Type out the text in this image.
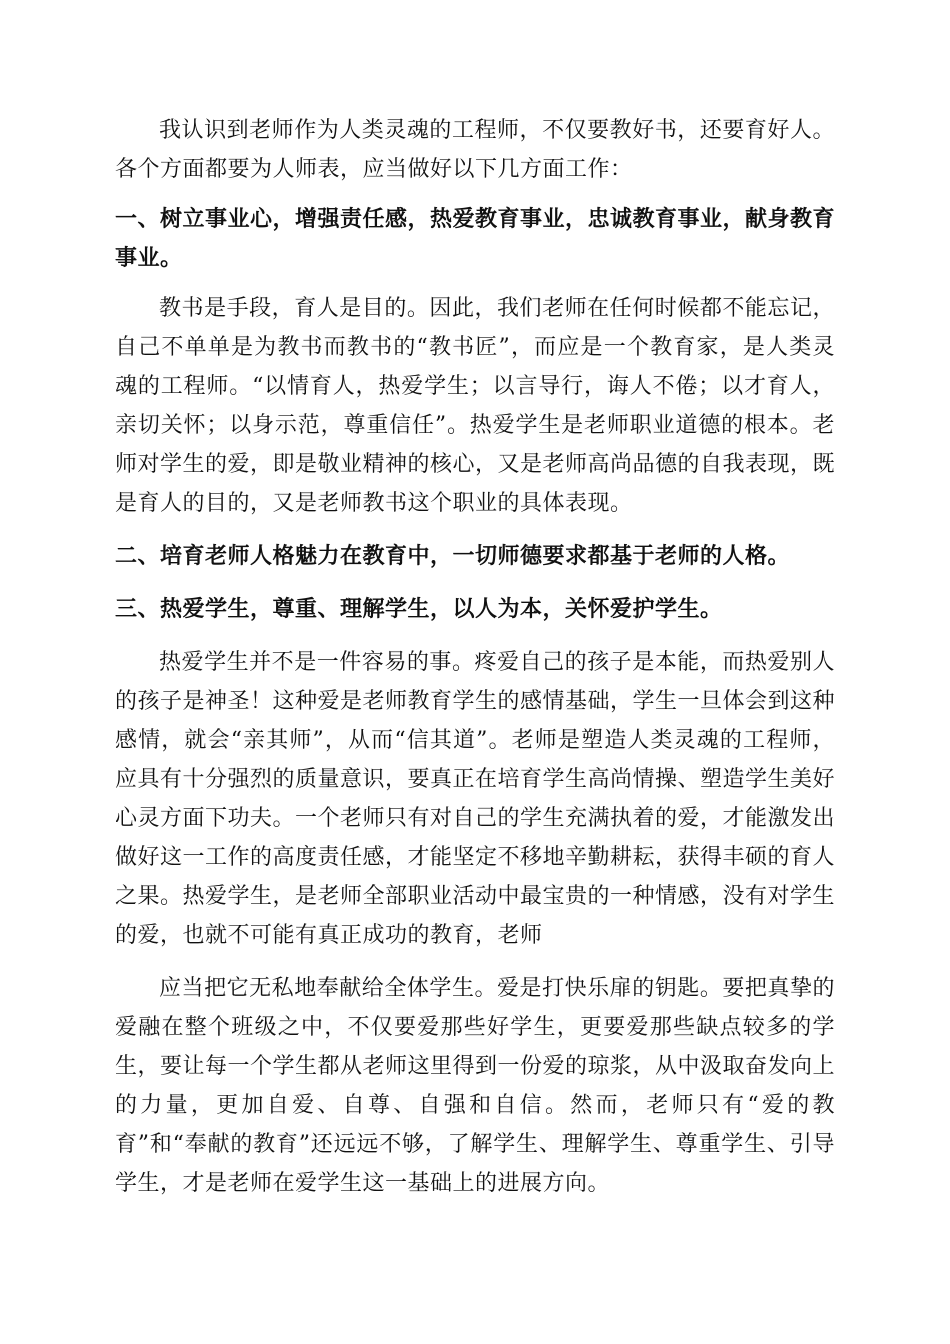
我认识到老师作为人类灵魂的工程师，不仅要教好书，还要育好人。各个方面都要为人师表，应当做好以下几方面工作：

一、树立事业心，增强责任感，热爱教育事业，忠诚教育事业，献身教育事业。

教书是手段，育人是目的。因此，我们老师在任何时候都不能忘记，自己不单单是为教书而教书的“教书匠”，而应是一个教育家，是人类灵魂的工程师。“以情育人，热爱学生；以言导行，诲人不倦；以才育人，亲切关怀；以身示范，尊重信任”。热爱学生是老师职业道德的根本。老师对学生的爱，即是敬业精神的核心，又是老师高尚品德的自我表现，既是育人的目的，又是老师教书这个职业的具体表现。

二、培育老师人格魅力在教育中，一切师德要求都基于老师的人格。

三、热爱学生，尊重、理解学生，以人为本，关怀爱护学生。

热爱学生并不是一件容易的事。疼爱自己的孩子是本能，而热爱别人的孩子是神圣！这种爱是老师教育学生的感情基础，学生一旦体会到这种感情，就会“亲其师”，从而“信其道”。老师是塑造人类灵魂的工程师，应具有十分强烈的质量意识，要真正在培育学生高尚情操、塑造学生美好心灵方面下功夫。一个老师只有对自己的学生充满执着的爱，才能激发出做好这一工作的高度责任感，才能坚定不移地辛勤耕耘，获得丰硕的育人之果。热爱学生，是老师全部职业活动中最宝贵的一种情感，没有对学生的爱，也就不可能有真正成功的教育，老师

应当把它无私地奉献给全体学生。爱是打快乐扉的钥匙。要把真挚的爱融在整个班级之中，不仅要爱那些好学生，更要爱那些缺点较多的学生，要让每一个学生都从老师这里得到一份爱的琼浆，从中汲取奋发向上的力量，更加自爱、自尊、自强和自信。然而，老师只有“爱的教育”和“奉献的教育”还远远不够，了解学生、理解学生、尊重学生、引导学生，才是老师在爱学生这一基础上的进展方向。
